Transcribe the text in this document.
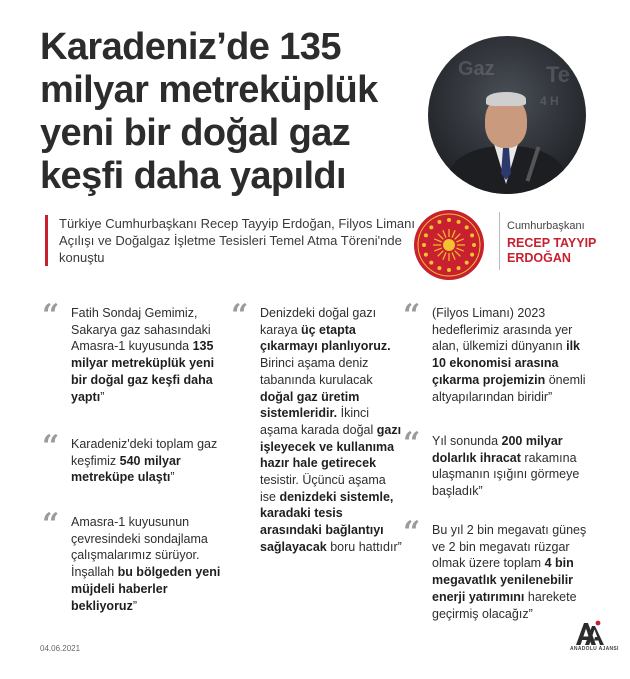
Karadeniz’de 135
milyar metreküplük
yeni bir doğal gaz
keşfi daha yapıldı
Gaz Te
4 H

Türkiye Cumhurbaşkanı Recep Tayyip Erdoğan, Filyos Limanı Açılışı ve Doğalgaz İşletme Tesisleri Temel Atma Töreni'nde konuştu

Cumhurbaşkanı
RECEP TAYYIP ERDOĞAN
“ Fatih Sondaj Gemimiz, Sakarya gaz sahasındaki Amasra-1 kuyusunda 135 milyar metreküplük yeni bir doğal gaz keşfi daha yaptı”
“ Karadeniz'deki toplam gaz keşfimiz 540 milyar metreküpe ulaştı”
“ Amasra-1 kuyusunun çevresindeki sondajlama çalışmalarımız sürüyor. İnşallah bu bölgeden yeni müjdeli haberler bekliyoruz”
“ Denizdeki doğal gazı karaya üç etapta çıkarmayı planlıyoruz. Birinci aşama deniz tabanında kurulacak doğal gaz üretim sistemleridir. İkinci aşama karada doğal gazı işleyecek ve kullanıma hazır hale getirecek tesistir. Üçüncü aşama ise denizdeki sistemle, karadaki tesis arasındaki bağlantıyı sağlayacak boru hattıdır”
“ (Filyos Limanı) 2023 hedeflerimiz arasında yer alan, ülkemizi dünyanın ilk 10 ekonomisi arasına çıkarma projemizin önemli altyapılarından biridir”
“ Yıl sonunda 200 milyar dolarlık ihracat rakamına ulaşmanın ışığını görmeye başladık”
“ Bu yıl 2 bin megavatı güneş ve 2 bin megavatı rüzgar olmak üzere toplam 4 bin megavatlık yenilenebilir enerji yatırımını harekete geçirmiş olacağız”
04.06.2021	ANADOLU AJANSI
